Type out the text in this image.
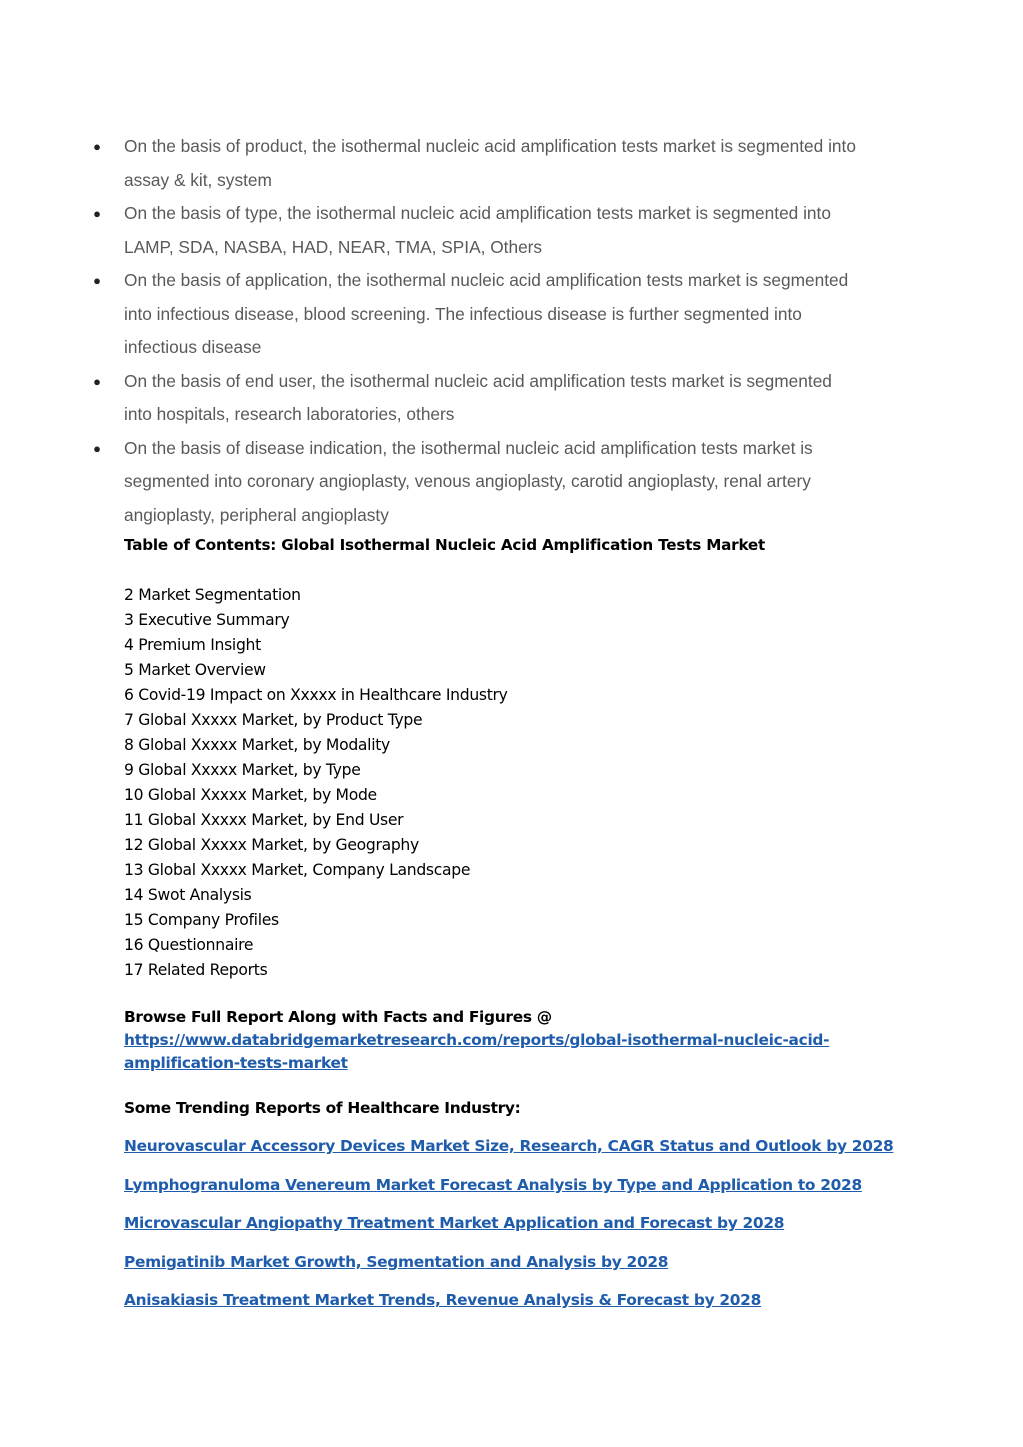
● On the basis of product, the isothermal nucleic acid amplification tests market is segmented into
assay & kit, system
● On the basis of type, the isothermal nucleic acid amplification tests market is segmented into
LAMP, SDA, NASBA, HAD, NEAR, TMA, SPIA, Others
● On the basis of application, the isothermal nucleic acid amplification tests market is segmented
into infectious disease, blood screening. The infectious disease is further segmented into
infectious disease
● On the basis of end user, the isothermal nucleic acid amplification tests market is segmented
into hospitals, research laboratories, others
● On the basis of disease indication, the isothermal nucleic acid amplification tests market is
segmented into coronary angioplasty, venous angioplasty, carotid angioplasty, renal artery
angioplasty, peripheral angioplasty
Table of Contents: Global Isothermal Nucleic Acid Amplification Tests Market
2 Market Segmentation
3 Executive Summary
4 Premium Insight
5 Market Overview
6 Covid-19 Impact on Xxxxx in Healthcare Industry
7 Global Xxxxx Market, by Product Type
8 Global Xxxxx Market, by Modality
9 Global Xxxxx Market, by Type
10 Global Xxxxx Market, by Mode
11 Global Xxxxx Market, by End User
12 Global Xxxxx Market, by Geography
13 Global Xxxxx Market, Company Landscape
14 Swot Analysis
15 Company Profiles
16 Questionnaire
17 Related Reports
Browse Full Report Along with Facts and Figures @
https://www.databridgemarketresearch.com/reports/global-isothermal-nucleic-acid-
amplification-tests-market
Some Trending Reports of Healthcare Industry:
Neurovascular Accessory Devices Market Size, Research, CAGR Status and Outlook by 2028
Lymphogranuloma Venereum Market Forecast Analysis by Type and Application to 2028
Microvascular Angiopathy Treatment Market Application and Forecast by 2028
Pemigatinib Market Growth, Segmentation and Analysis by 2028
Anisakiasis Treatment Market Trends, Revenue Analysis & Forecast by 2028
